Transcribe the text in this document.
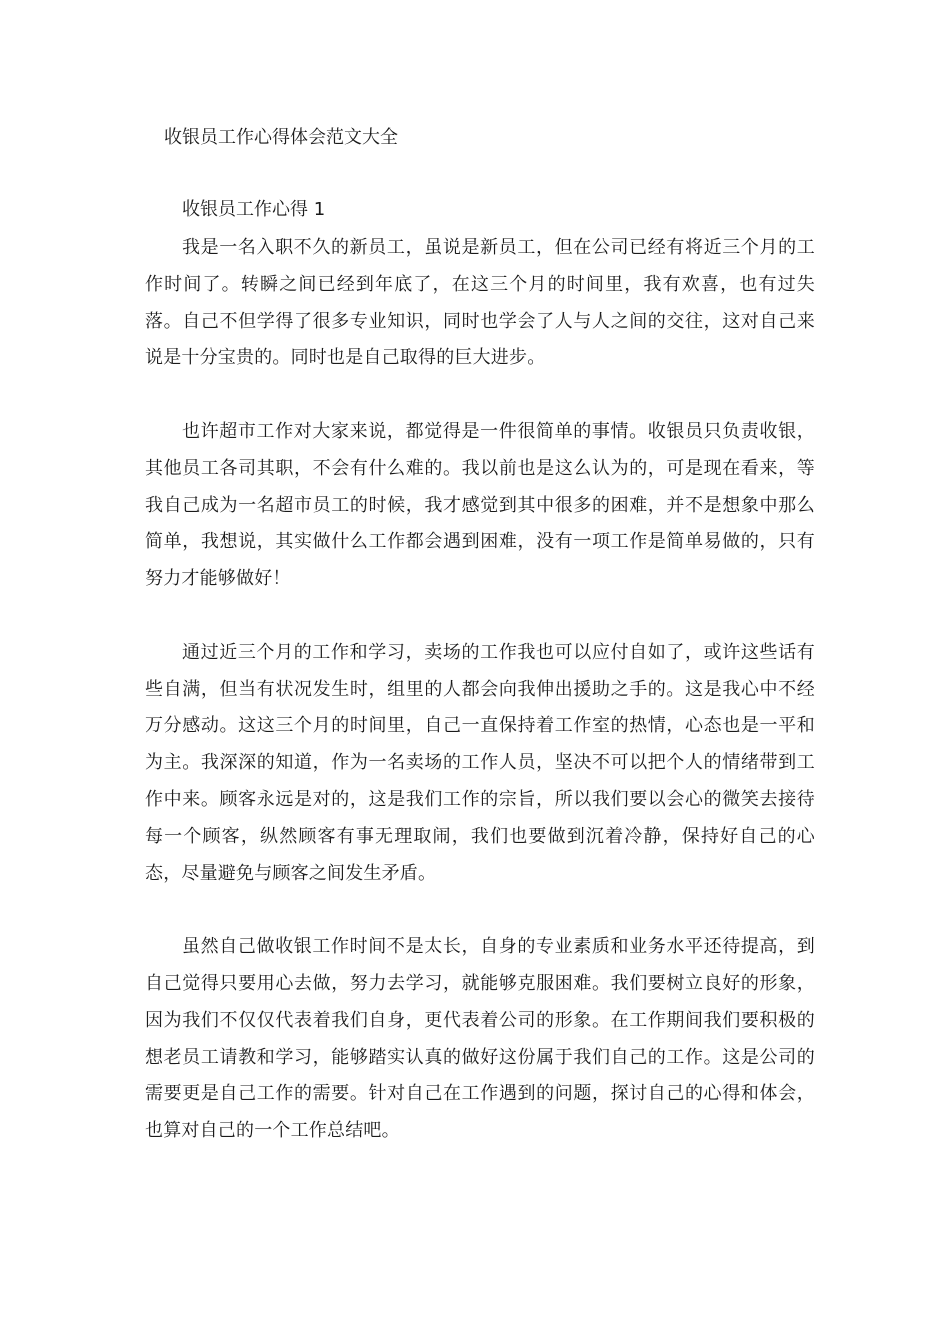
收银员工作心得体会范文大全
收银员工作心得 1

我是一名入职不久的新员工，虽说是新员工，但在公司已经有将近三个月的工作时间了。转瞬之间已经到年底了，在这三个月的时间里，我有欢喜，也有过失落。自己不但学得了很多专业知识，同时也学会了人与人之间的交往，这对自己来说是十分宝贵的。同时也是自己取得的巨大进步。

也许超市工作对大家来说，都觉得是一件很简单的事情。收银员只负责收银，其他员工各司其职，不会有什么难的。我以前也是这么认为的，可是现在看来，等我自己成为一名超市员工的时候，我才感觉到其中很多的困难，并不是想象中那么简单，我想说，其实做什么工作都会遇到困难，没有一项工作是简单易做的，只有努力才能够做好！

通过近三个月的工作和学习，卖场的工作我也可以应付自如了，或许这些话有些自满，但当有状况发生时，组里的人都会向我伸出援助之手的。这是我心中不经万分感动。这这三个月的时间里，自己一直保持着工作室的热情，心态也是一平和为主。我深深的知道，作为一名卖场的工作人员，坚决不可以把个人的情绪带到工作中来。顾客永远是对的，这是我们工作的宗旨，所以我们要以会心的微笑去接待每一个顾客，纵然顾客有事无理取闹，我们也要做到沉着冷静，保持好自己的心态，尽量避免与顾客之间发生矛盾。

虽然自己做收银工作时间不是太长，自身的专业素质和业务水平还待提高，到自己觉得只要用心去做，努力去学习，就能够克服困难。我们要树立良好的形象，因为我们不仅仅代表着我们自身，更代表着公司的形象。在工作期间我们要积极的想老员工请教和学习，能够踏实认真的做好这份属于我们自己的工作。这是公司的需要更是自己工作的需要。针对自己在工作遇到的问题，探讨自己的心得和体会，也算对自己的一个工作总结吧。
